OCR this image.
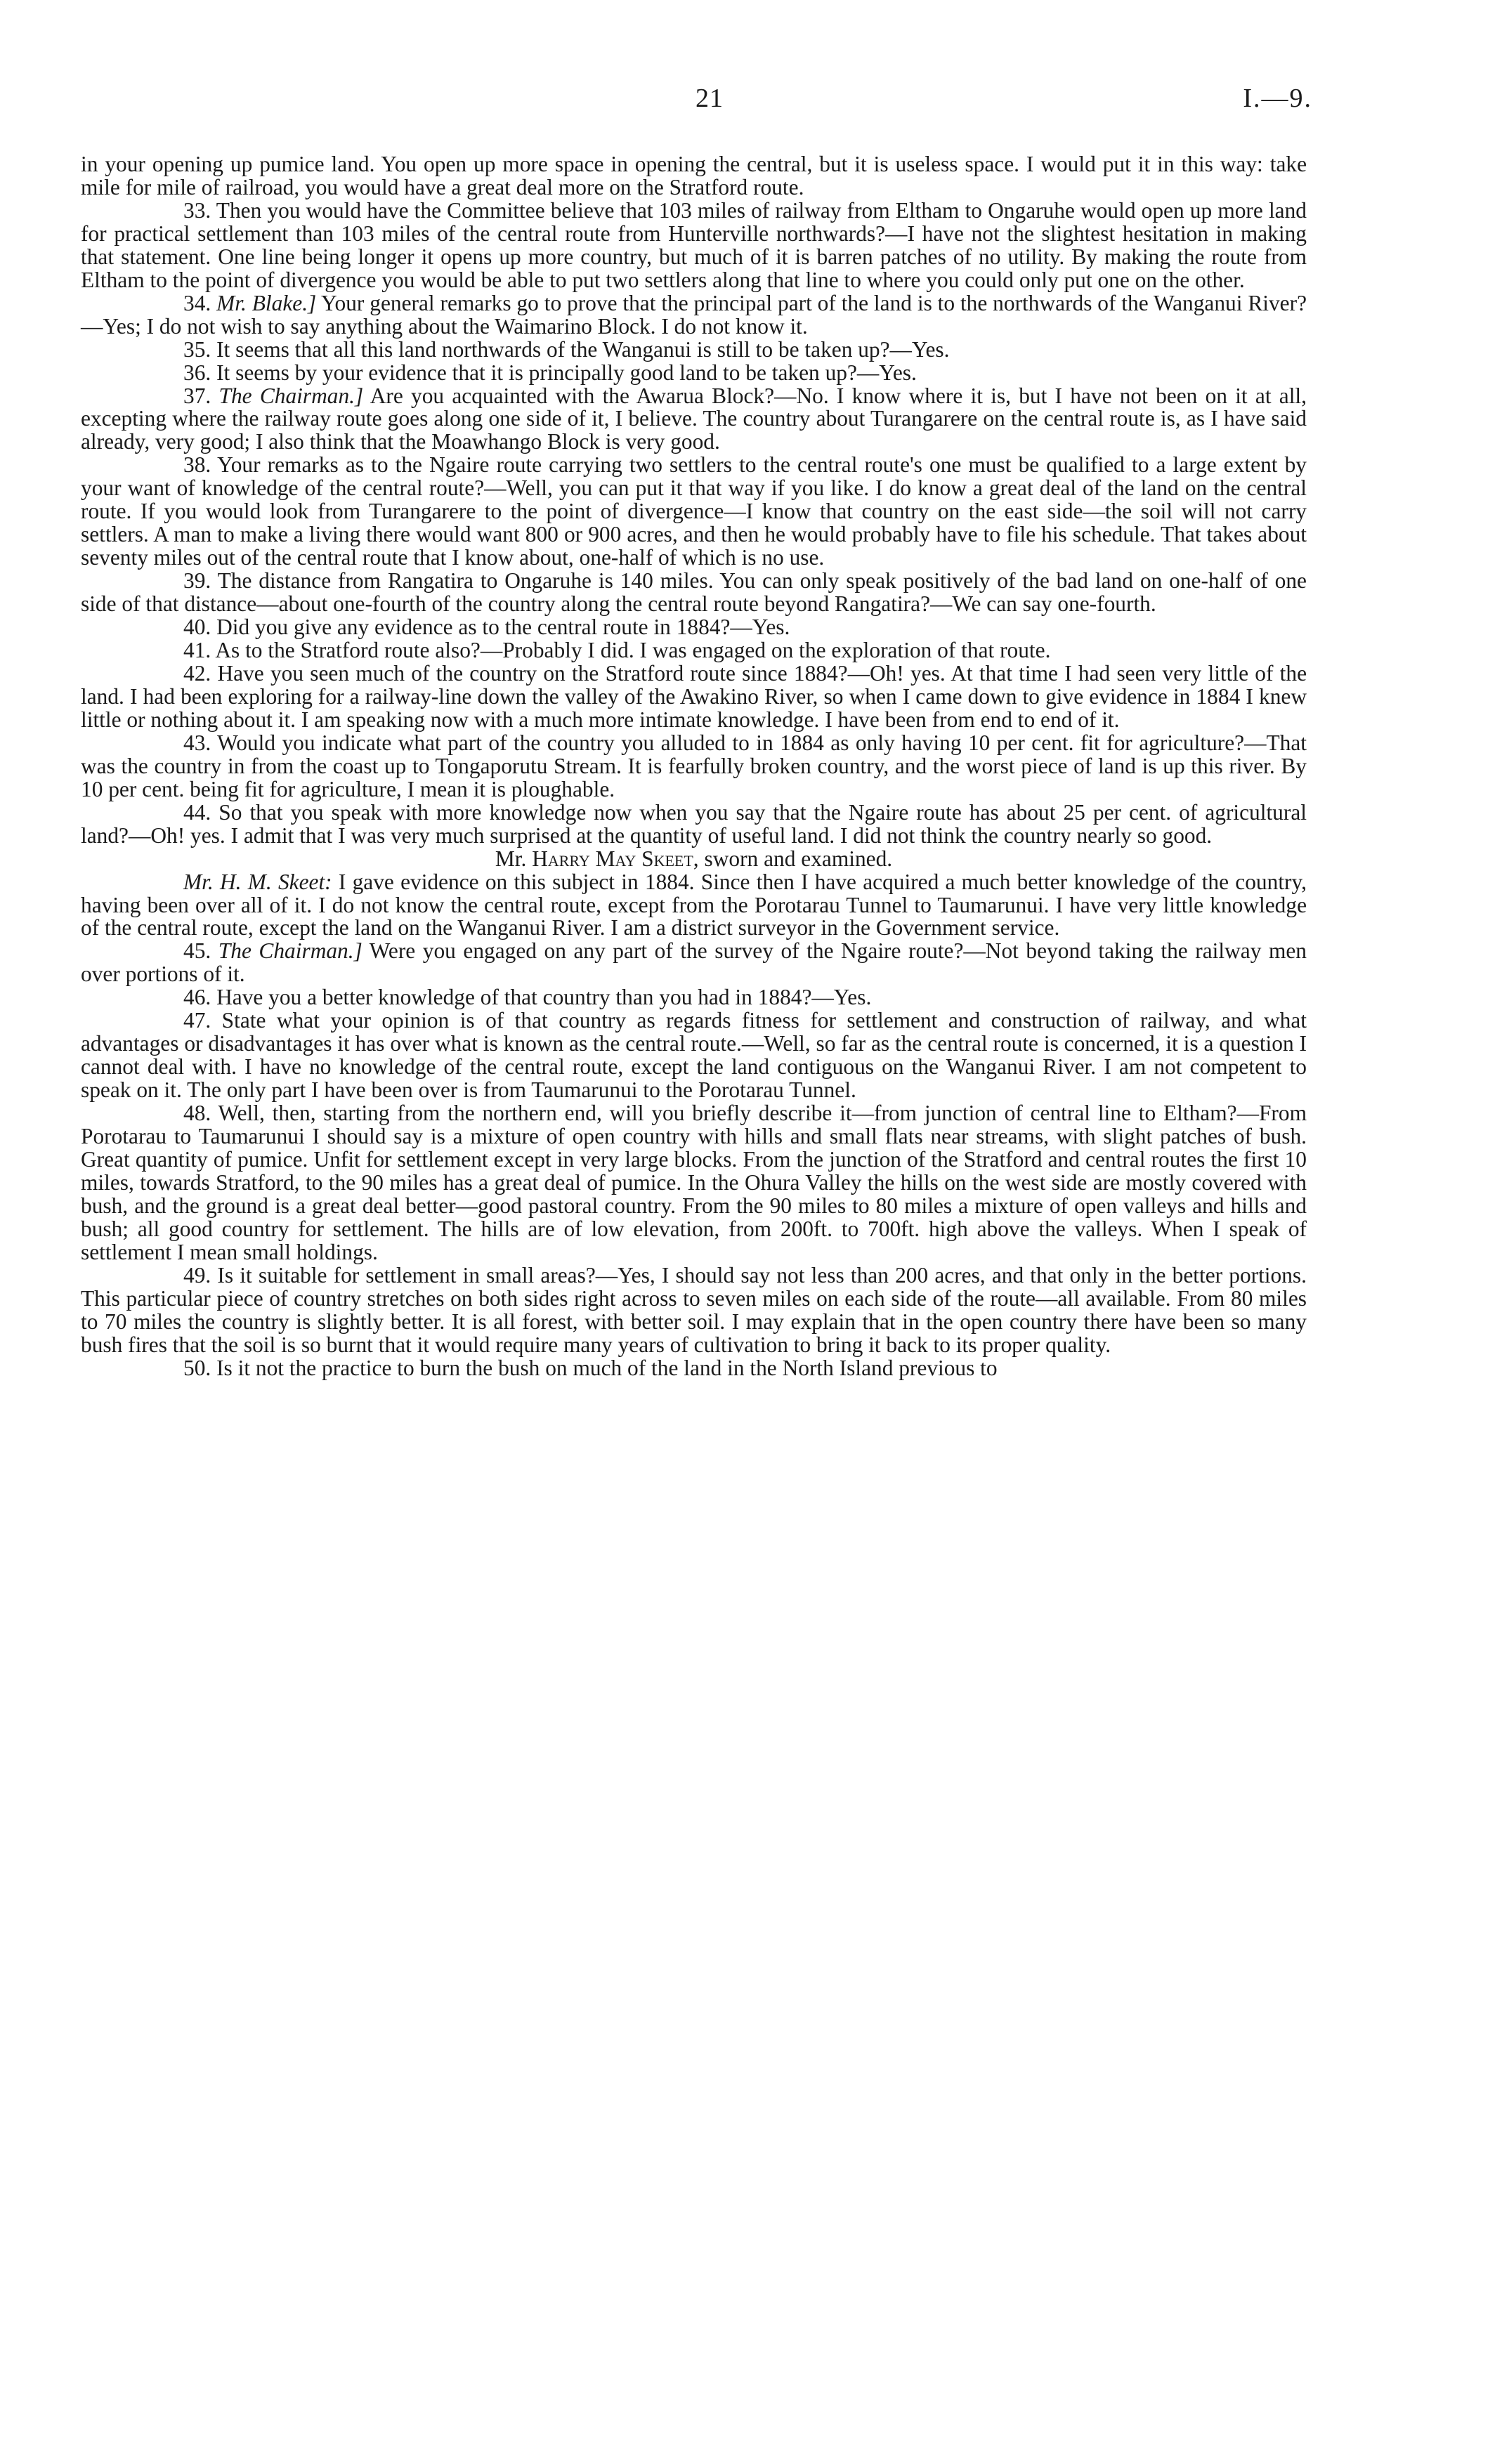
21	I.—9.

in your opening up pumice land. You open up more space in opening the central, but it is useless space. I would put it in this way: take mile for mile of railroad, you would have a great deal more on the Stratford route.

33. Then you would have the Committee believe that 103 miles of railway from Eltham to Ongaruhe would open up more land for practical settlement than 103 miles of the central route from Hunterville northwards?—I have not the slightest hesitation in making that statement. One line being longer it opens up more country, but much of it is barren patches of no utility. By making the route from Eltham to the point of divergence you would be able to put two settlers along that line to where you could only put one on the other.

34. Mr. Blake.] Your general remarks go to prove that the principal part of the land is to the northwards of the Wanganui River?—Yes; I do not wish to say anything about the Waimarino Block. I do not know it.

35. It seems that all this land northwards of the Wanganui is still to be taken up?—Yes.

36. It seems by your evidence that it is principally good land to be taken up?—Yes.

37. The Chairman.] Are you acquainted with the Awarua Block?—No. I know where it is, but I have not been on it at all, excepting where the railway route goes along one side of it, I believe. The country about Turangarere on the central route is, as I have said already, very good; I also think that the Moawhango Block is very good.

38. Your remarks as to the Ngaire route carrying two settlers to the central route's one must be qualified to a large extent by your want of knowledge of the central route?—Well, you can put it that way if you like. I do know a great deal of the land on the central route. If you would look from Turangarere to the point of divergence—I know that country on the east side—the soil will not carry settlers. A man to make a living there would want 800 or 900 acres, and then he would probably have to file his schedule. That takes about seventy miles out of the central route that I know about, one-half of which is no use.

39. The distance from Rangatira to Ongaruhe is 140 miles. You can only speak positively of the bad land on one-half of one side of that distance—about one-fourth of the country along the central route beyond Rangatira?—We can say one-fourth.

40. Did you give any evidence as to the central route in 1884?—Yes.

41. As to the Stratford route also?—Probably I did. I was engaged on the exploration of that route.

42. Have you seen much of the country on the Stratford route since 1884?—Oh! yes. At that time I had seen very little of the land. I had been exploring for a railway-line down the valley of the Awakino River, so when I came down to give evidence in 1884 I knew little or nothing about it. I am speaking now with a much more intimate knowledge. I have been from end to end of it.

43. Would you indicate what part of the country you alluded to in 1884 as only having 10 per cent. fit for agriculture?—That was the country in from the coast up to Tongaporutu Stream. It is fearfully broken country, and the worst piece of land is up this river. By 10 per cent. being fit for agriculture, I mean it is ploughable.

44. So that you speak with more knowledge now when you say that the Ngaire route has about 25 per cent. of agricultural land?—Oh! yes. I admit that I was very much surprised at the quantity of useful land. I did not think the country nearly so good.

Mr. Harry May Skeet, sworn and examined.

Mr. H. M. Skeet: I gave evidence on this subject in 1884. Since then I have acquired a much better knowledge of the country, having been over all of it. I do not know the central route, except from the Porotarau Tunnel to Taumarunui. I have very little knowledge of the central route, except the land on the Wanganui River. I am a district surveyor in the Government service.

45. The Chairman.] Were you engaged on any part of the survey of the Ngaire route?—Not beyond taking the railway men over portions of it.

46. Have you a better knowledge of that country than you had in 1884?—Yes.

47. State what your opinion is of that country as regards fitness for settlement and construction of railway, and what advantages or disadvantages it has over what is known as the central route.—Well, so far as the central route is concerned, it is a question I cannot deal with. I have no knowledge of the central route, except the land contiguous on the Wanganui River. I am not competent to speak on it. The only part I have been over is from Taumarunui to the Porotarau Tunnel.

48. Well, then, starting from the northern end, will you briefly describe it—from junction of central line to Eltham?—From Porotarau to Taumarunui I should say is a mixture of open country with hills and small flats near streams, with slight patches of bush. Great quantity of pumice. Unfit for settlement except in very large blocks. From the junction of the Stratford and central routes the first 10 miles, towards Stratford, to the 90 miles has a great deal of pumice. In the Ohura Valley the hills on the west side are mostly covered with bush, and the ground is a great deal better—good pastoral country. From the 90 miles to 80 miles a mixture of open valleys and hills and bush; all good country for settlement. The hills are of low elevation, from 200ft. to 700ft. high above the valleys. When I speak of settlement I mean small holdings.

49. Is it suitable for settlement in small areas?—Yes, I should say not less than 200 acres, and that only in the better portions. This particular piece of country stretches on both sides right across to seven miles on each side of the route—all available. From 80 miles to 70 miles the country is slightly better. It is all forest, with better soil. I may explain that in the open country there have been so many bush fires that the soil is so burnt that it would require many years of cultivation to bring it back to its proper quality.

50. Is it not the practice to burn the bush on much of the land in the North Island previous to
